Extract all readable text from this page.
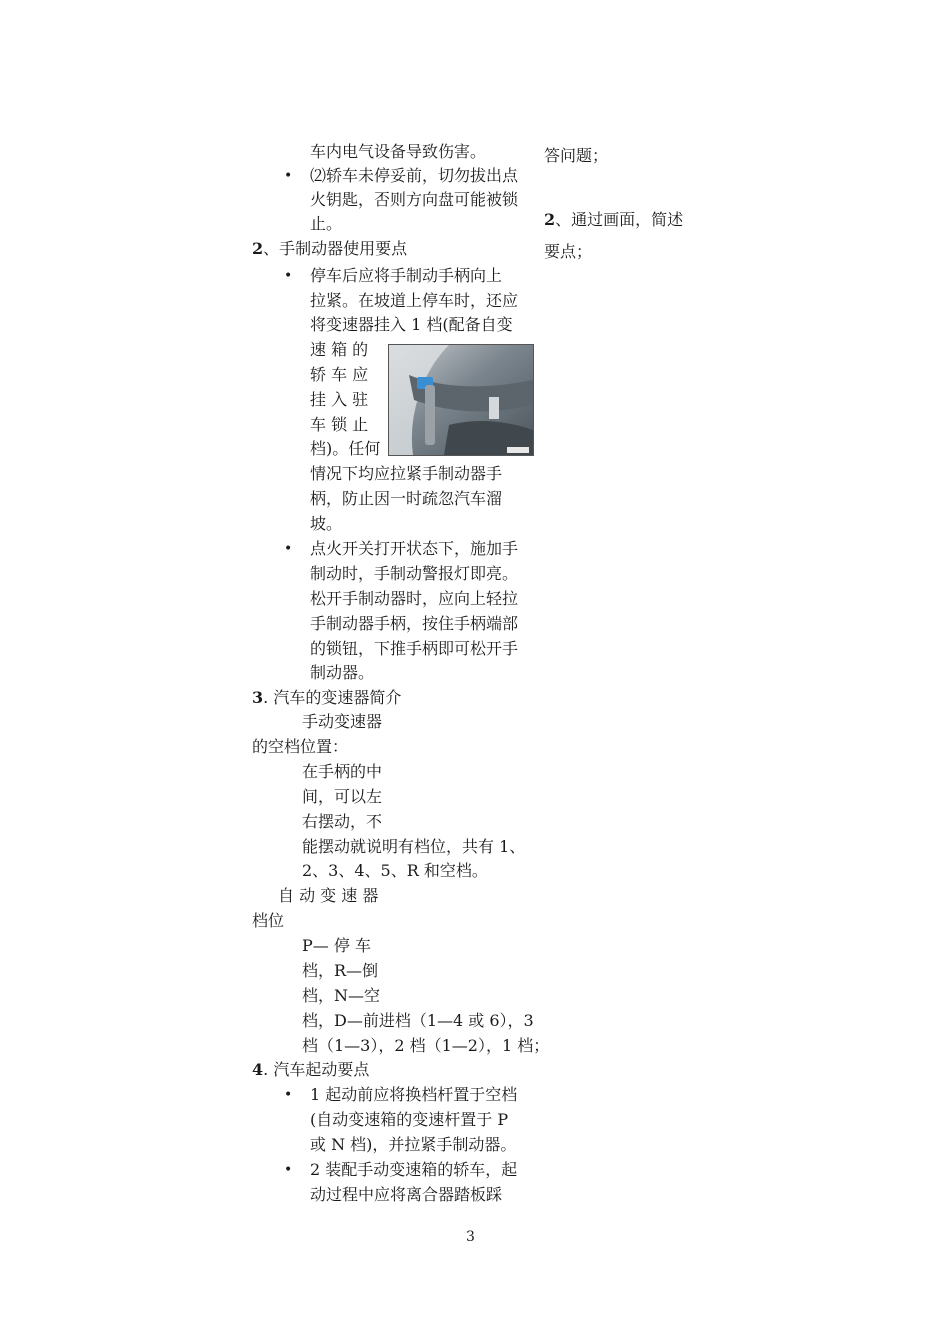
车内电气设备导致伤害。
• ⑵轿车未停妥前，切勿拔出点
火钥匙，否则方向盘可能被锁
止。
2、手制动器使用要点
• 停车后应将手制动手柄向上
拉紧。在坡道上停车时，还应
将变速器挂入 1 档(配备自变
速 箱 的
轿 车 应
挂 入 驻
车 锁 止
档)。任何
情况下均应拉紧手制动器手
柄，防止因一时疏忽汽车溜
坡。
• 点火开关打开状态下，施加手
制动时，手制动警报灯即亮。
松开手制动器时，应向上轻拉
手制动器手柄，按住手柄端部
的锁钮，下推手柄即可松开手
制动器。
3. 汽车的变速器简介
手动变速器
的空档位置：
在手柄的中
间，可以左
右摆动，不
能摆动就说明有档位，共有 1、
2、3、4、5、R 和空档。
自 动 变 速 器
档位
P— 停 车
档，R—倒
档，N—空
档，D—前进档（1—4 或 6），3
档（1—3），2 档（1—2），1 档；
4. 汽车起动要点
• 1 起动前应将换档杆置于空档
(自动变速箱的变速杆置于 P
或 N 档)，并拉紧手制动器。
• 2 装配手动变速箱的轿车，起
动过程中应将离合器踏板踩
答问题；
2、通过画面，简述
要点；
3
